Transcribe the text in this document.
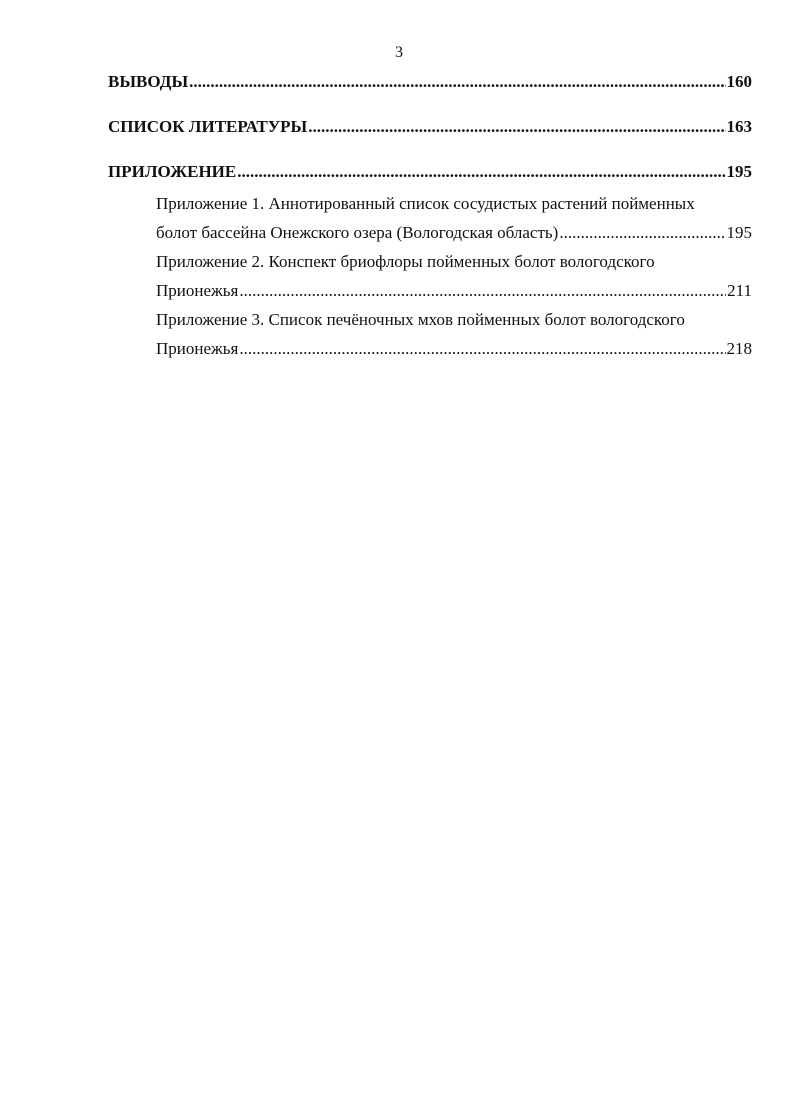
3
ВЫВОДЫ .....	160
СПИСОК ЛИТЕРАТУРЫ .....	163
ПРИЛОЖЕНИЕ .....	195
Приложение 1. Аннотированный список сосудистых растений пойменных
болот бассейна Онежского озера (Вологодская область) .....	195
Приложение 2. Конспект бриофлоры пойменных болот вологодского
Прионежья .....	211
Приложение 3. Список печёночных мхов пойменных болот вологодского
Прионежья .....	218
